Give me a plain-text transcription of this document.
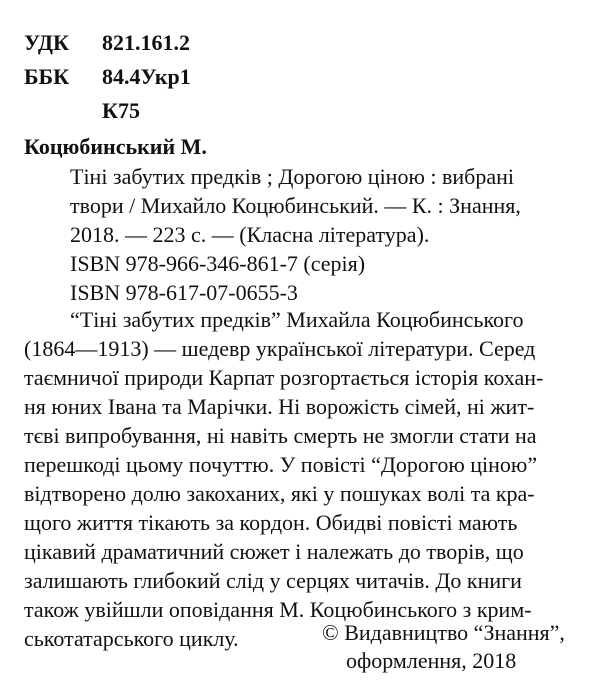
УДК 821.161.2
ББК 84.4Укр1
К75
Коцюбинський М.
Тіні забутих предків ; Дорогою ціною : вибрані
твори / Михайло Коцюбинський. — К. : Знання,
2018. — 223 с. — (Класна література).
ISBN 978-966-346-861-7 (серія)
ISBN 978-617-07-0655-3
“Тіні забутих предків” Михайла Коцюбинського
(1864—1913) — шедевр української літератури. Серед
таємничої природи Карпат розгортається історія кохан-
ня юних Івана та Марічки. Ні ворожість сімей, ні жит-
тєві випробування, ні навіть смерть не змогли стати на
перешкоді цьому почуттю. У повісті “Дорогою ціною”
відтворено долю закоханих, які у пошуках волі та кра-
щого життя тікають за кордон. Обидві повісті мають
цікавий драматичний сюжет і належать до творів, що
залишають глибокий слід у серцях читачів. До книги
також увійшли оповідання М. Коцюбинського з крим-
ськотатарського циклу.	© Видавництво “Знання”,
оформлення, 2018
